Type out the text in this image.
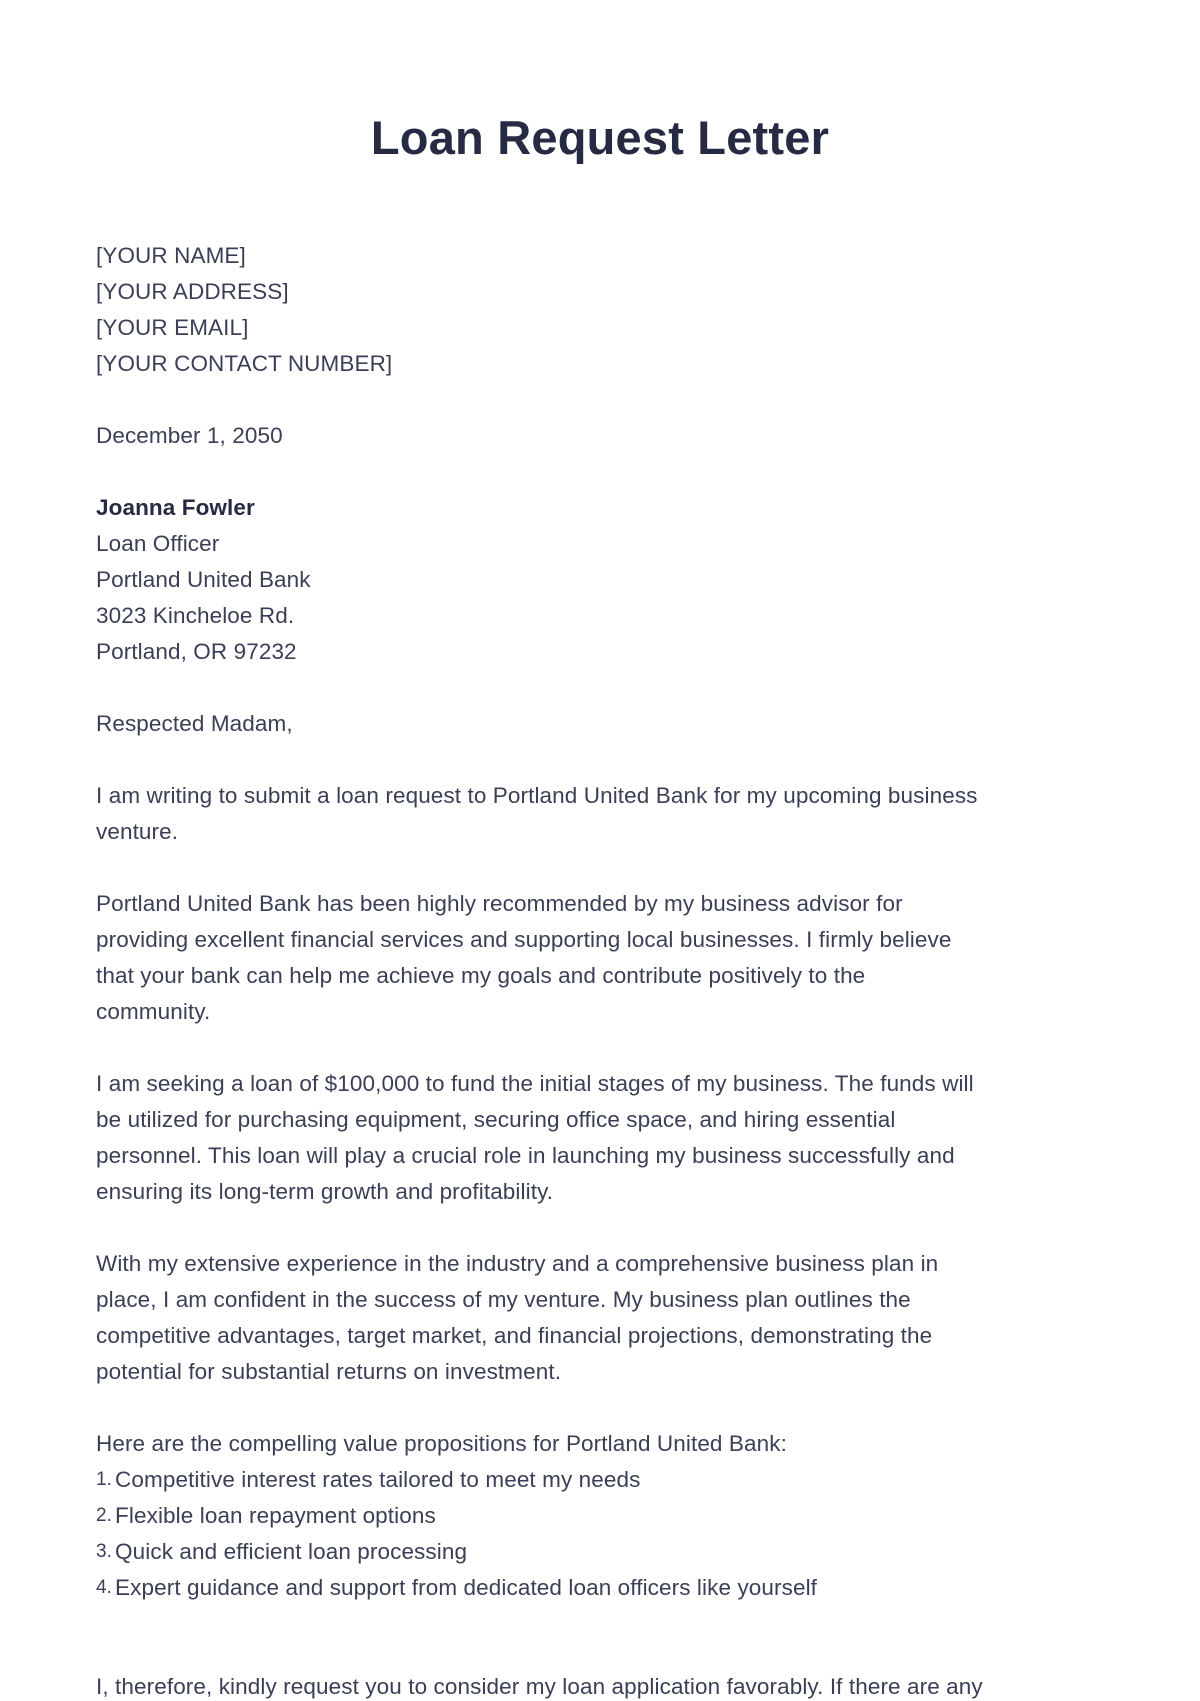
Loan Request Letter
[YOUR NAME]
[YOUR ADDRESS]
[YOUR EMAIL]
[YOUR CONTACT NUMBER]
December 1, 2050
Joanna Fowler
Loan Officer
Portland United Bank
3023 Kincheloe Rd.
Portland, OR 97232
Respected Madam,
I am writing to submit a loan request to Portland United Bank for my upcoming business
venture.
Portland United Bank has been highly recommended by my business advisor for
providing excellent financial services and supporting local businesses. I firmly believe
that your bank can help me achieve my goals and contribute positively to the
community.
I am seeking a loan of $100,000 to fund the initial stages of my business. The funds will
be utilized for purchasing equipment, securing office space, and hiring essential
personnel. This loan will play a crucial role in launching my business successfully and
ensuring its long-term growth and profitability.
With my extensive experience in the industry and a comprehensive business plan in
place, I am confident in the success of my venture. My business plan outlines the
competitive advantages, target market, and financial projections, demonstrating the
potential for substantial returns on investment.
Here are the compelling value propositions for Portland United Bank:
1. Competitive interest rates tailored to meet my needs
2. Flexible loan repayment options
3. Quick and efficient loan processing
4. Expert guidance and support from dedicated loan officers like yourself
I, therefore, kindly request you to consider my loan application favorably. If there are any
